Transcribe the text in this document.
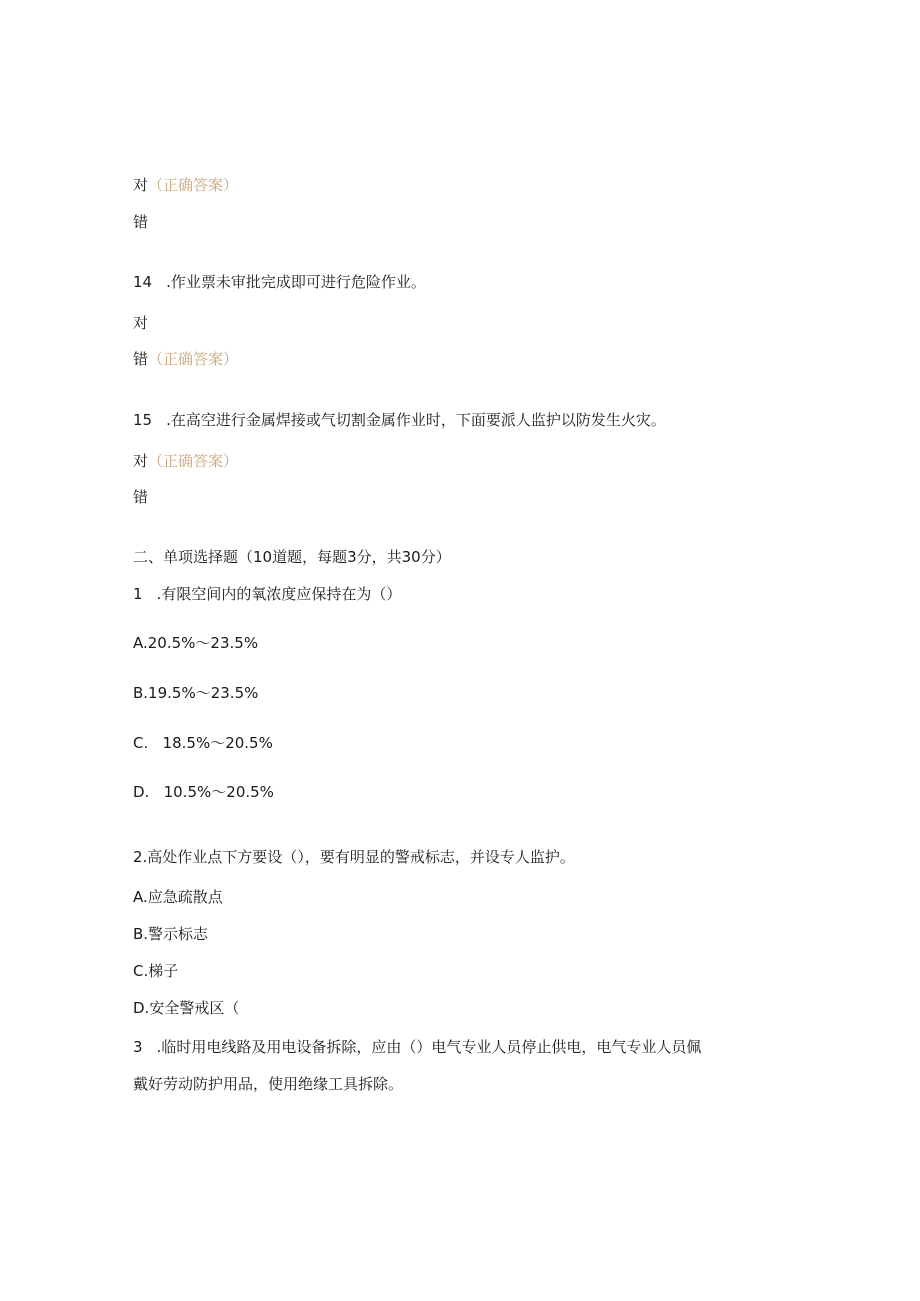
对（正确答案）
错
14 .作业票未审批完成即可进行危险作业。
对
错（正确答案）
15 .在高空进行金属焊接或气切割金属作业时，下面要派人监护以防发生火灾。
对（正确答案）
错
二、单项选择题（10道题，每题3分，共30分）
1 .有限空间内的氧浓度应保持在为（）
A.20.5%～23.5%
B.19.5%～23.5%
C.   18.5%～20.5%
D.   10.5%～20.5%
2.高处作业点下方要设（），要有明显的警戒标志，并设专人监护。
A.应急疏散点
B.警示标志
C.梯子
D.安全警戒区（
3 .临时用电线路及用电设备拆除，应由（）电气专业人员停止供电，电气专业人员佩
戴好劳动防护用品，使用绝缘工具拆除。
